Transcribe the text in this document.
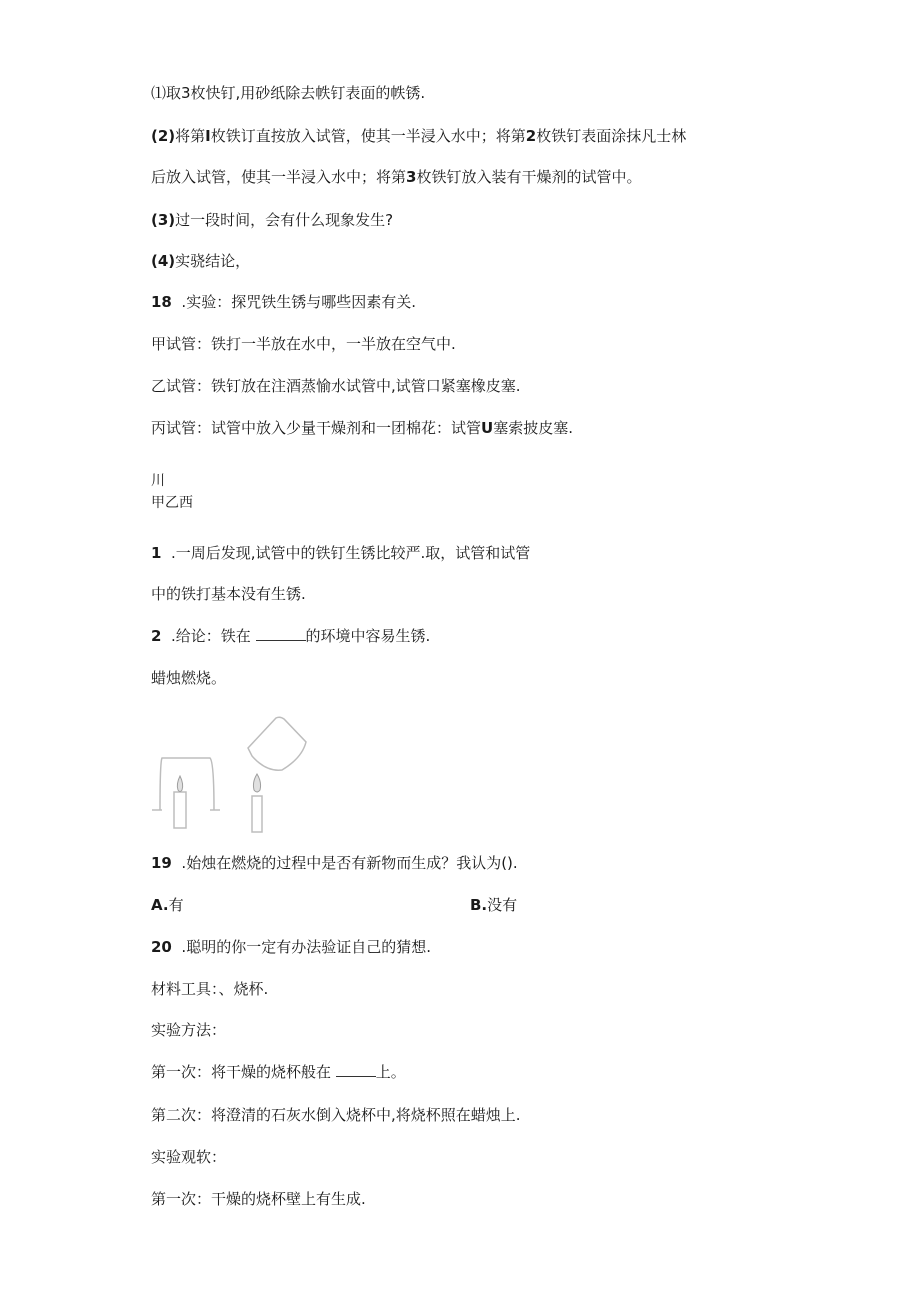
⑴取3枚快钉,用砂纸除去帙钉表面的帙锈.
(2)将第I枚铁订直按放入试管，使其一半浸入水中；将第2枚铁钉表面涂抹凡士林
后放入试管，使其一半浸入水中；将第3枚铁钉放入装有干燥剂的试管中。
(3)过一段时间，会有什么现象发生?
(4)实骁结论，
18 .实验：探咒铁生锈与哪些因素有关.
甲试管：铁打一半放在水中，一半放在空气中.
乙试管：铁钉放在注酒蒸愉水试管中,试管口紧塞橡皮塞.
丙试管：试管中放入少量干燥剂和一团棉花：试管U塞索披皮塞.
川
甲乙西
1 .一周后发现,试管中的铁钉生锈比较严.取，试管和试管
中的铁打基本没有生锈.
2 .给论：铁在	的环境中容易生锈.
蜡烛燃烧。
19 .始烛在燃烧的过程中是否有新物而生成？我认为().
A.有	B.没有
20 .聪明的你一定有办法验证自己的猜想.
材料工具：、烧杯.
实验方法：
第一次：将干燥的烧杯般在	上。
第二次：将澄清的石灰水倒入烧杯中,将烧杯照在蜡烛上.
实验观软：
第一次：干燥的烧杯壁上有生成.
